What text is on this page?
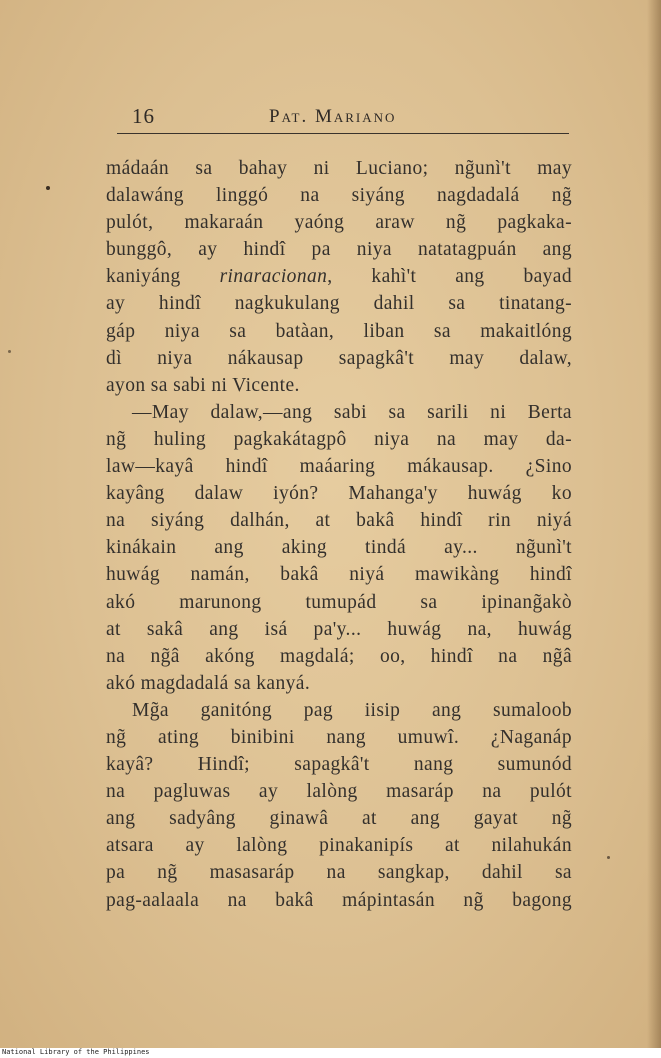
16	Pat. Mariano
mádaán sa bahay ni Luciano; ng̃unì't may
dalawáng linggó na siyáng nagdadalá ng̃
pulót, makaraán yaóng araw ng̃ pagkaka-
bunggô, ay hindî pa niya natatagpuán ang
kaniyáng rinaracionan, kahì't ang bayad
ay hindî nagkukulang dahil sa tinatang-
gáp niya sa batàan, liban sa makaitlóng
dì niya nákausap sapagkâ't may dalaw,
ayon sa sabi ni Vicente.
—May dalaw,—ang sabi sa sarili ni Berta
ng̃ huling pagkakátagpô niya na may da-
law—kayâ hindî maáaring mákausap. ¿Sino
kayâng dalaw iyón? Mahanga'y huwág ko
na siyáng dalhán, at bakâ hindî rin niyá
kinákain ang aking tindá ay... ng̃unì't
huwág namán, bakâ niyá mawikàng hindî
akó marunong tumupád sa ipinang̃akò
at sakâ ang isá pa'y... huwág na, huwág
na ng̃â akóng magdalá; oo, hindî na ng̃â
akó magdadalá sa kanyá.
Mg̃a ganitóng pag iisip ang sumaloob
ng̃ ating binibini nang umuwî. ¿Naganáp
kayâ? Hindî; sapagkâ't nang sumunód
na pagluwas ay lalòng masaráp na pulót
ang sadyâng ginawâ at ang gayat ng̃
atsara ay lalòng pinakanipís at nilahukán
pa ng̃ masasaráp na sangkap, dahil sa
pag-aalaala na bakâ mápintasán ng̃ bagong
National Library of the Philippines
